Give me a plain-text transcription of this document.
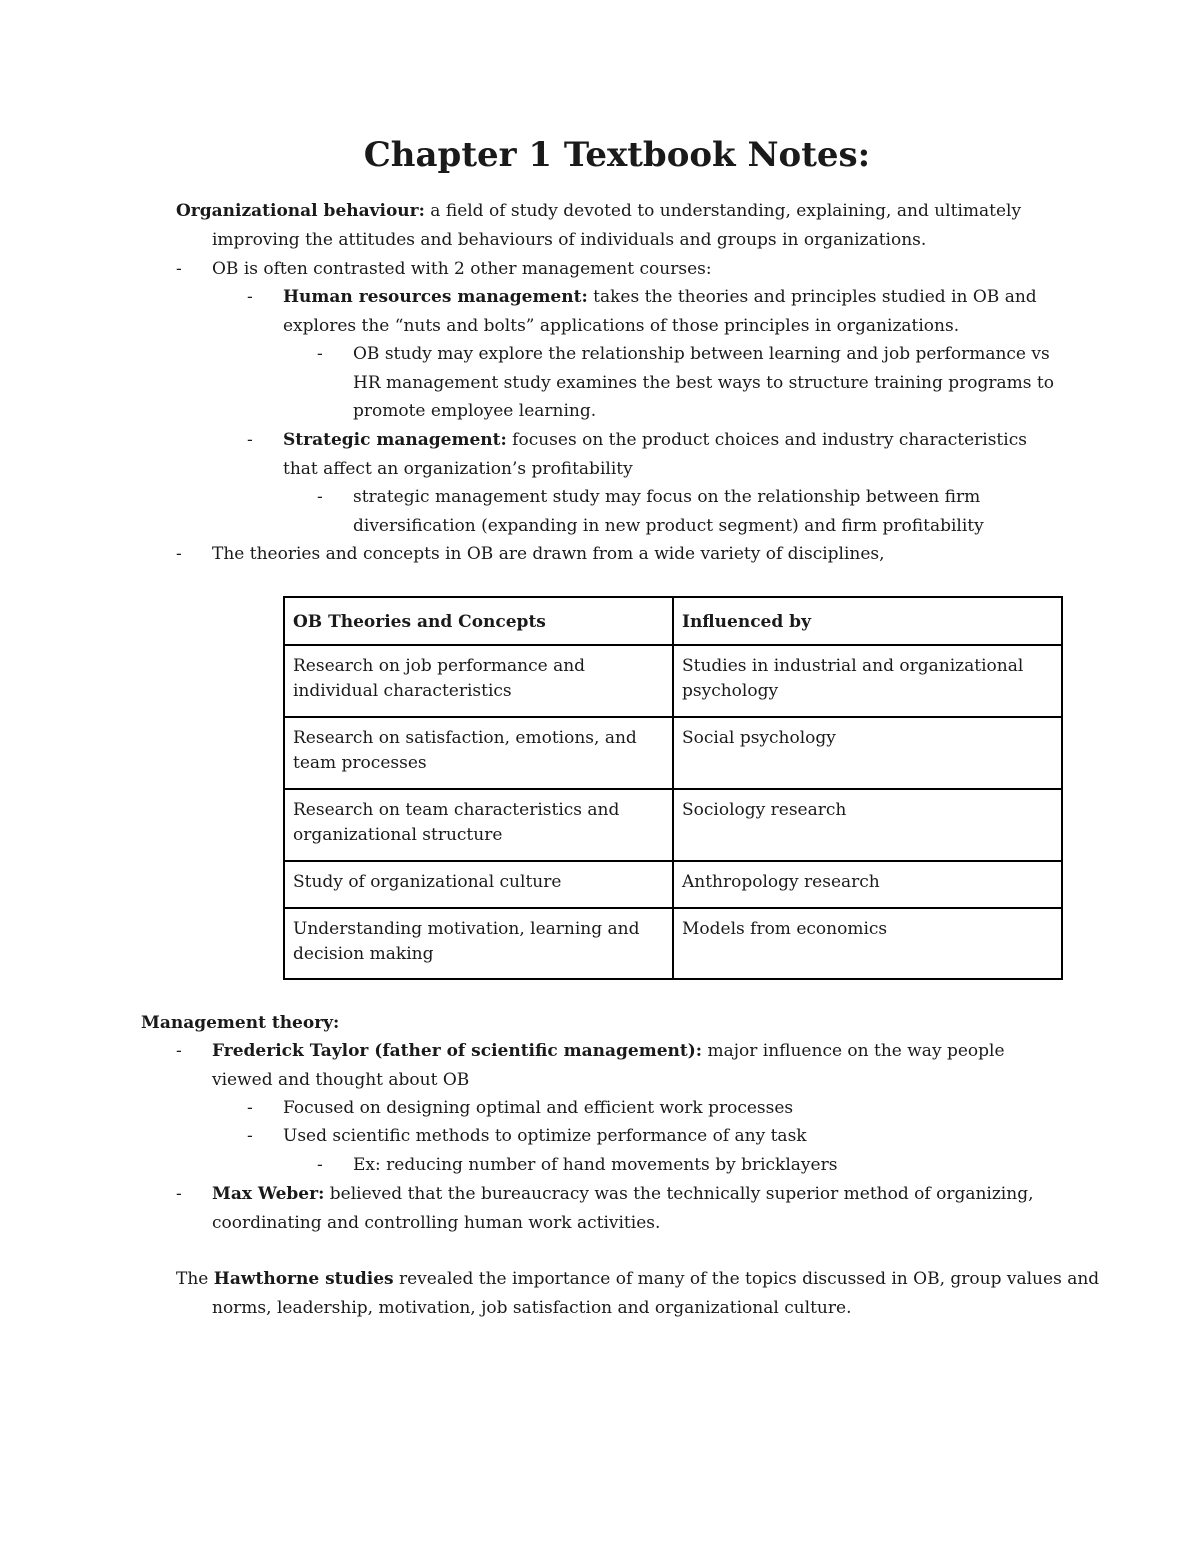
Chapter 1 Textbook Notes:

Organizational behaviour: a field of study devoted to understanding, explaining, and ultimately improving the attitudes and behaviours of individuals and groups in organizations.

- OB is often contrasted with 2 other management courses:
- Human resources management: takes the theories and principles studied in OB and explores the “nuts and bolts” applications of those principles in organizations.
- OB study may explore the relationship between learning and job performance vs HR management study examines the best ways to structure training programs to promote employee learning.
- Strategic management: focuses on the product choices and industry characteristics that affect an organization’s profitability
- strategic management study may focus on the relationship between firm diversification (expanding in new product segment) and firm profitability
- The theories and concepts in OB are drawn from a wide variety of disciplines,
OB Theories and Concepts	Influenced by
Research on job performance and individual characteristics	Studies in industrial and organizational psychology
Research on satisfaction, emotions, and team processes	Social psychology
Research on team characteristics and organizational structure	Sociology research
Study of organizational culture	Anthropology research
Understanding motivation, learning and decision making	Models from economics

Management theory:

- Frederick Taylor (father of scientific management): major influence on the way people viewed and thought about OB
- Focused on designing optimal and efficient work processes
- Used scientific methods to optimize performance of any task
- Ex: reducing number of hand movements by bricklayers
- Max Weber: believed that the bureaucracy was the technically superior method of organizing, coordinating and controlling human work activities.

The Hawthorne studies revealed the importance of many of the topics discussed in OB, group values and norms, leadership, motivation, job satisfaction and organizational culture.
